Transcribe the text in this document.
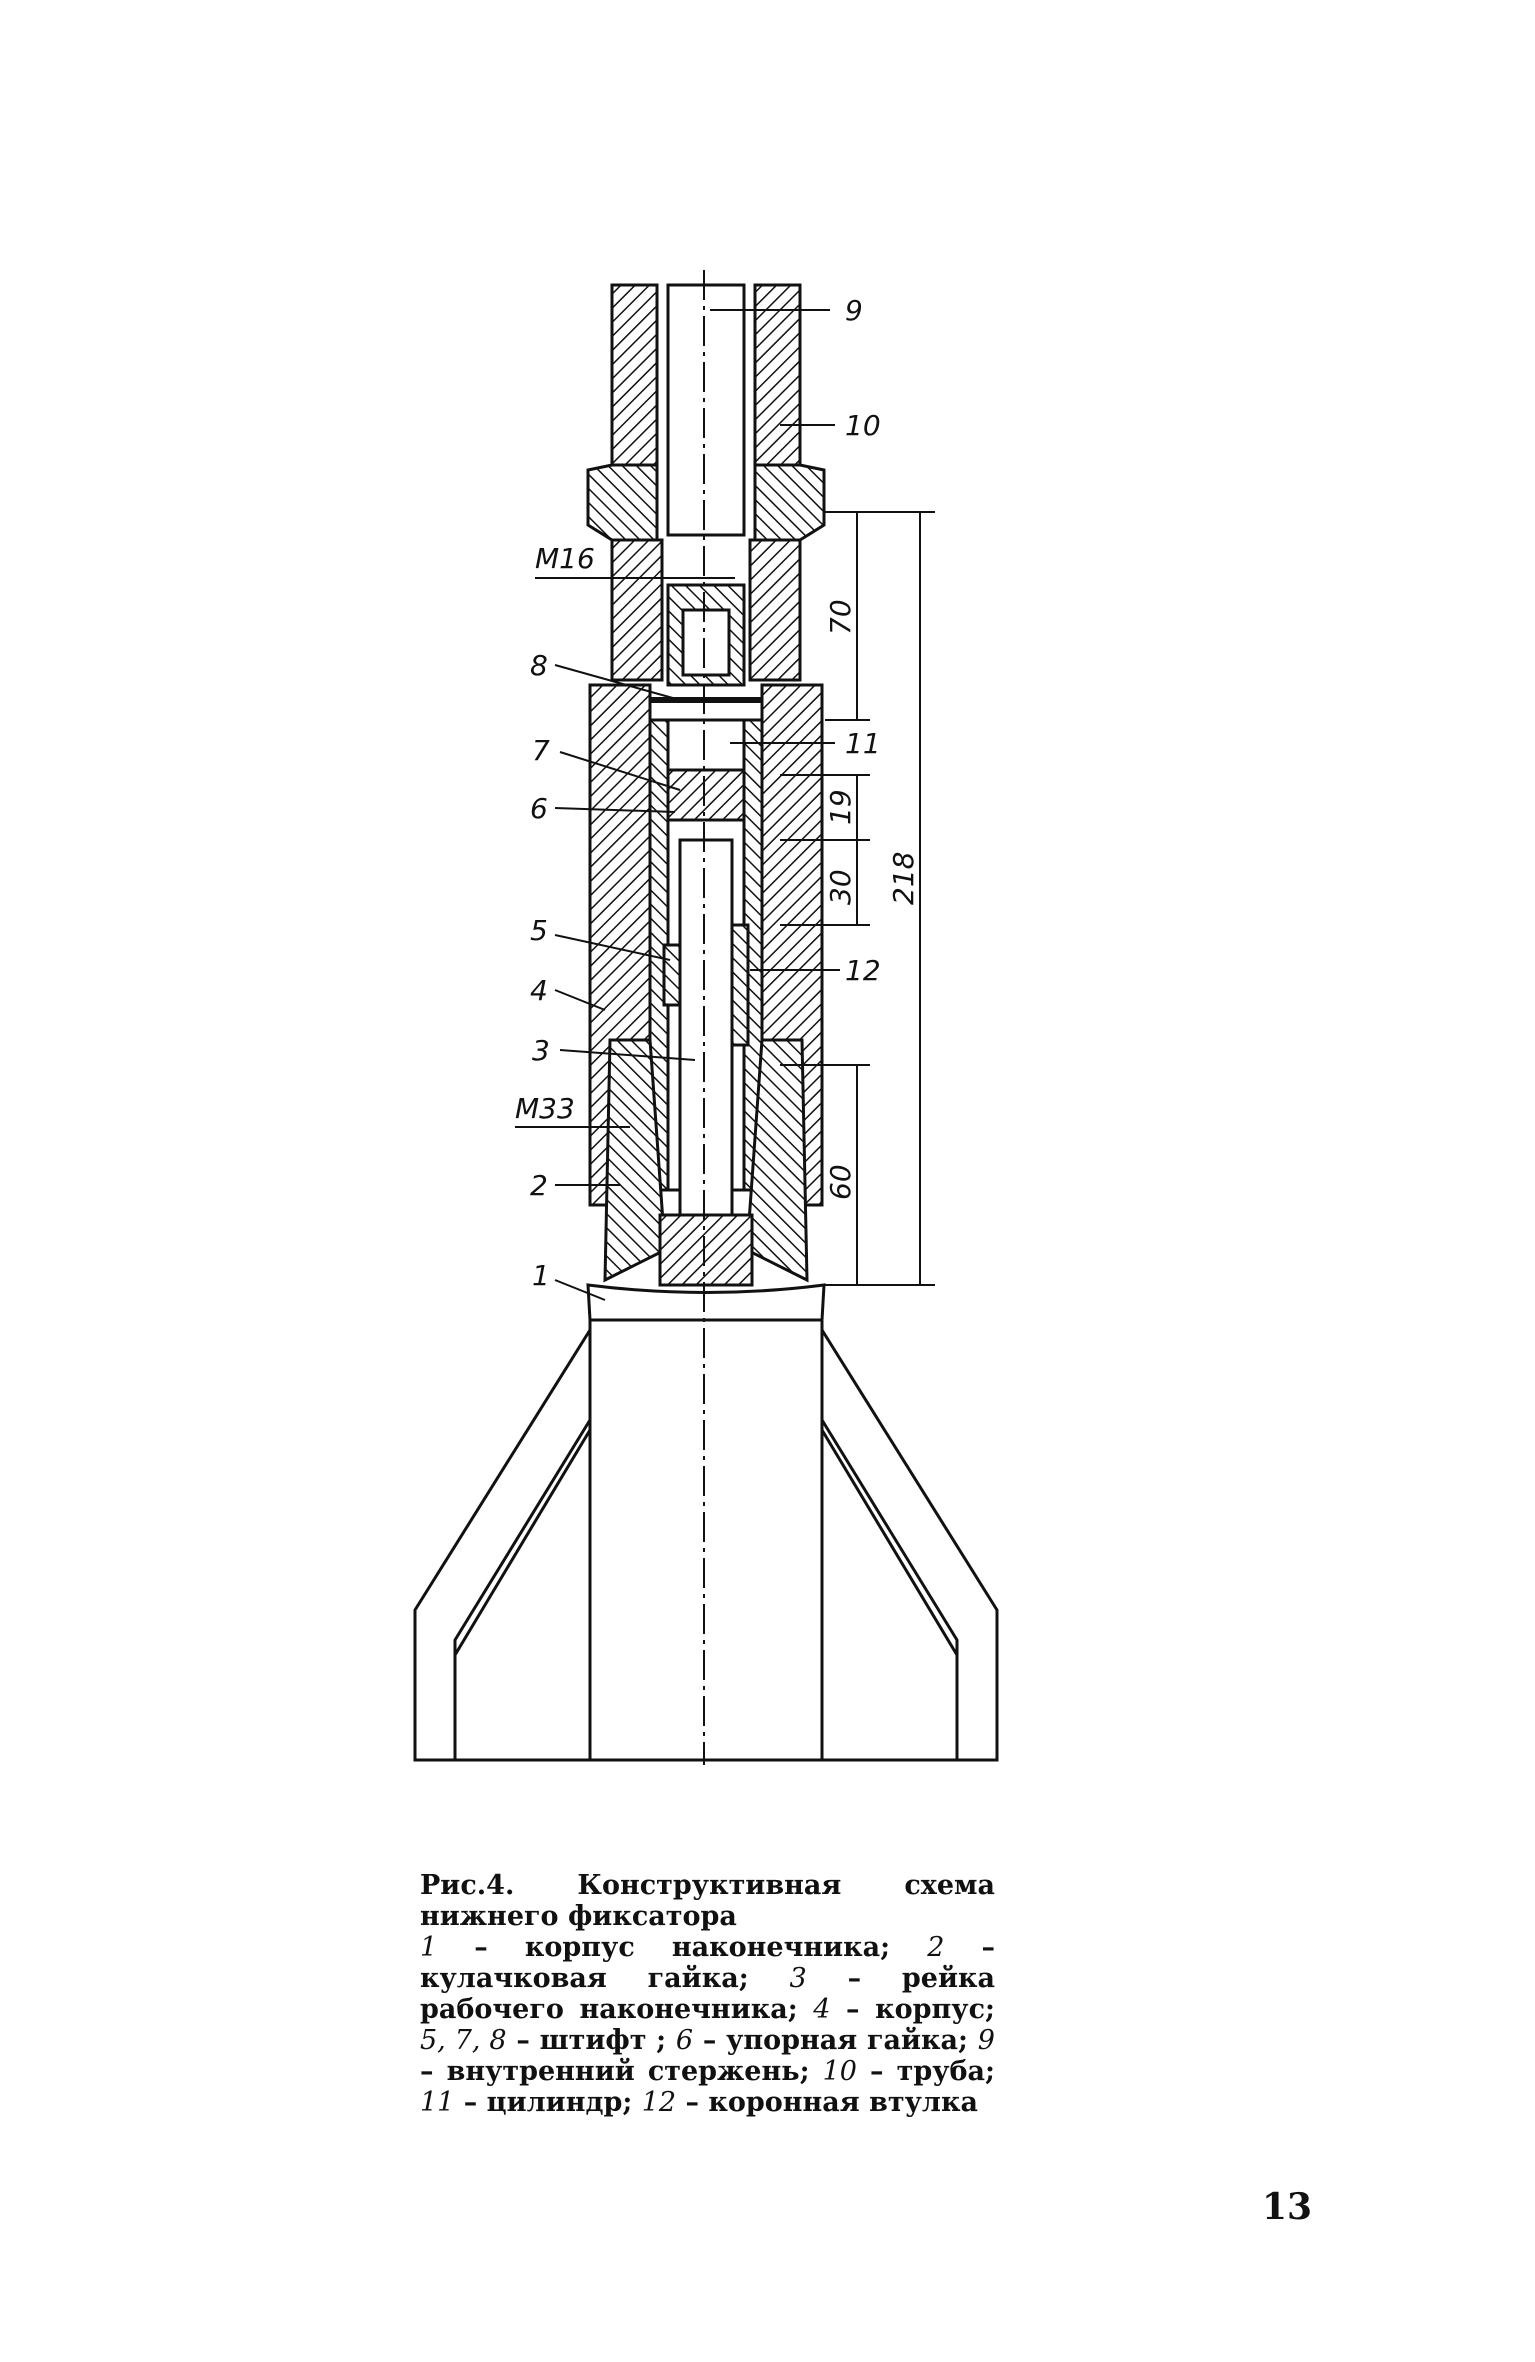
9
10
M16
8
7
6
11
5
4
3
M33
2
12
1
70
19
30 218
60

Рис.4. Конструктивная схема нижнего фиксатора

1 – корпус наконечника; 2 – кулачковая гайка; 3 – рейка рабочего наконечника; 4 – корпус; 5, 7, 8 – штифт ; 6 – упорная гайка; 9 – внутренний стержень; 10 – труба; 11 – цилиндр; 12 – коронная втулка

13
